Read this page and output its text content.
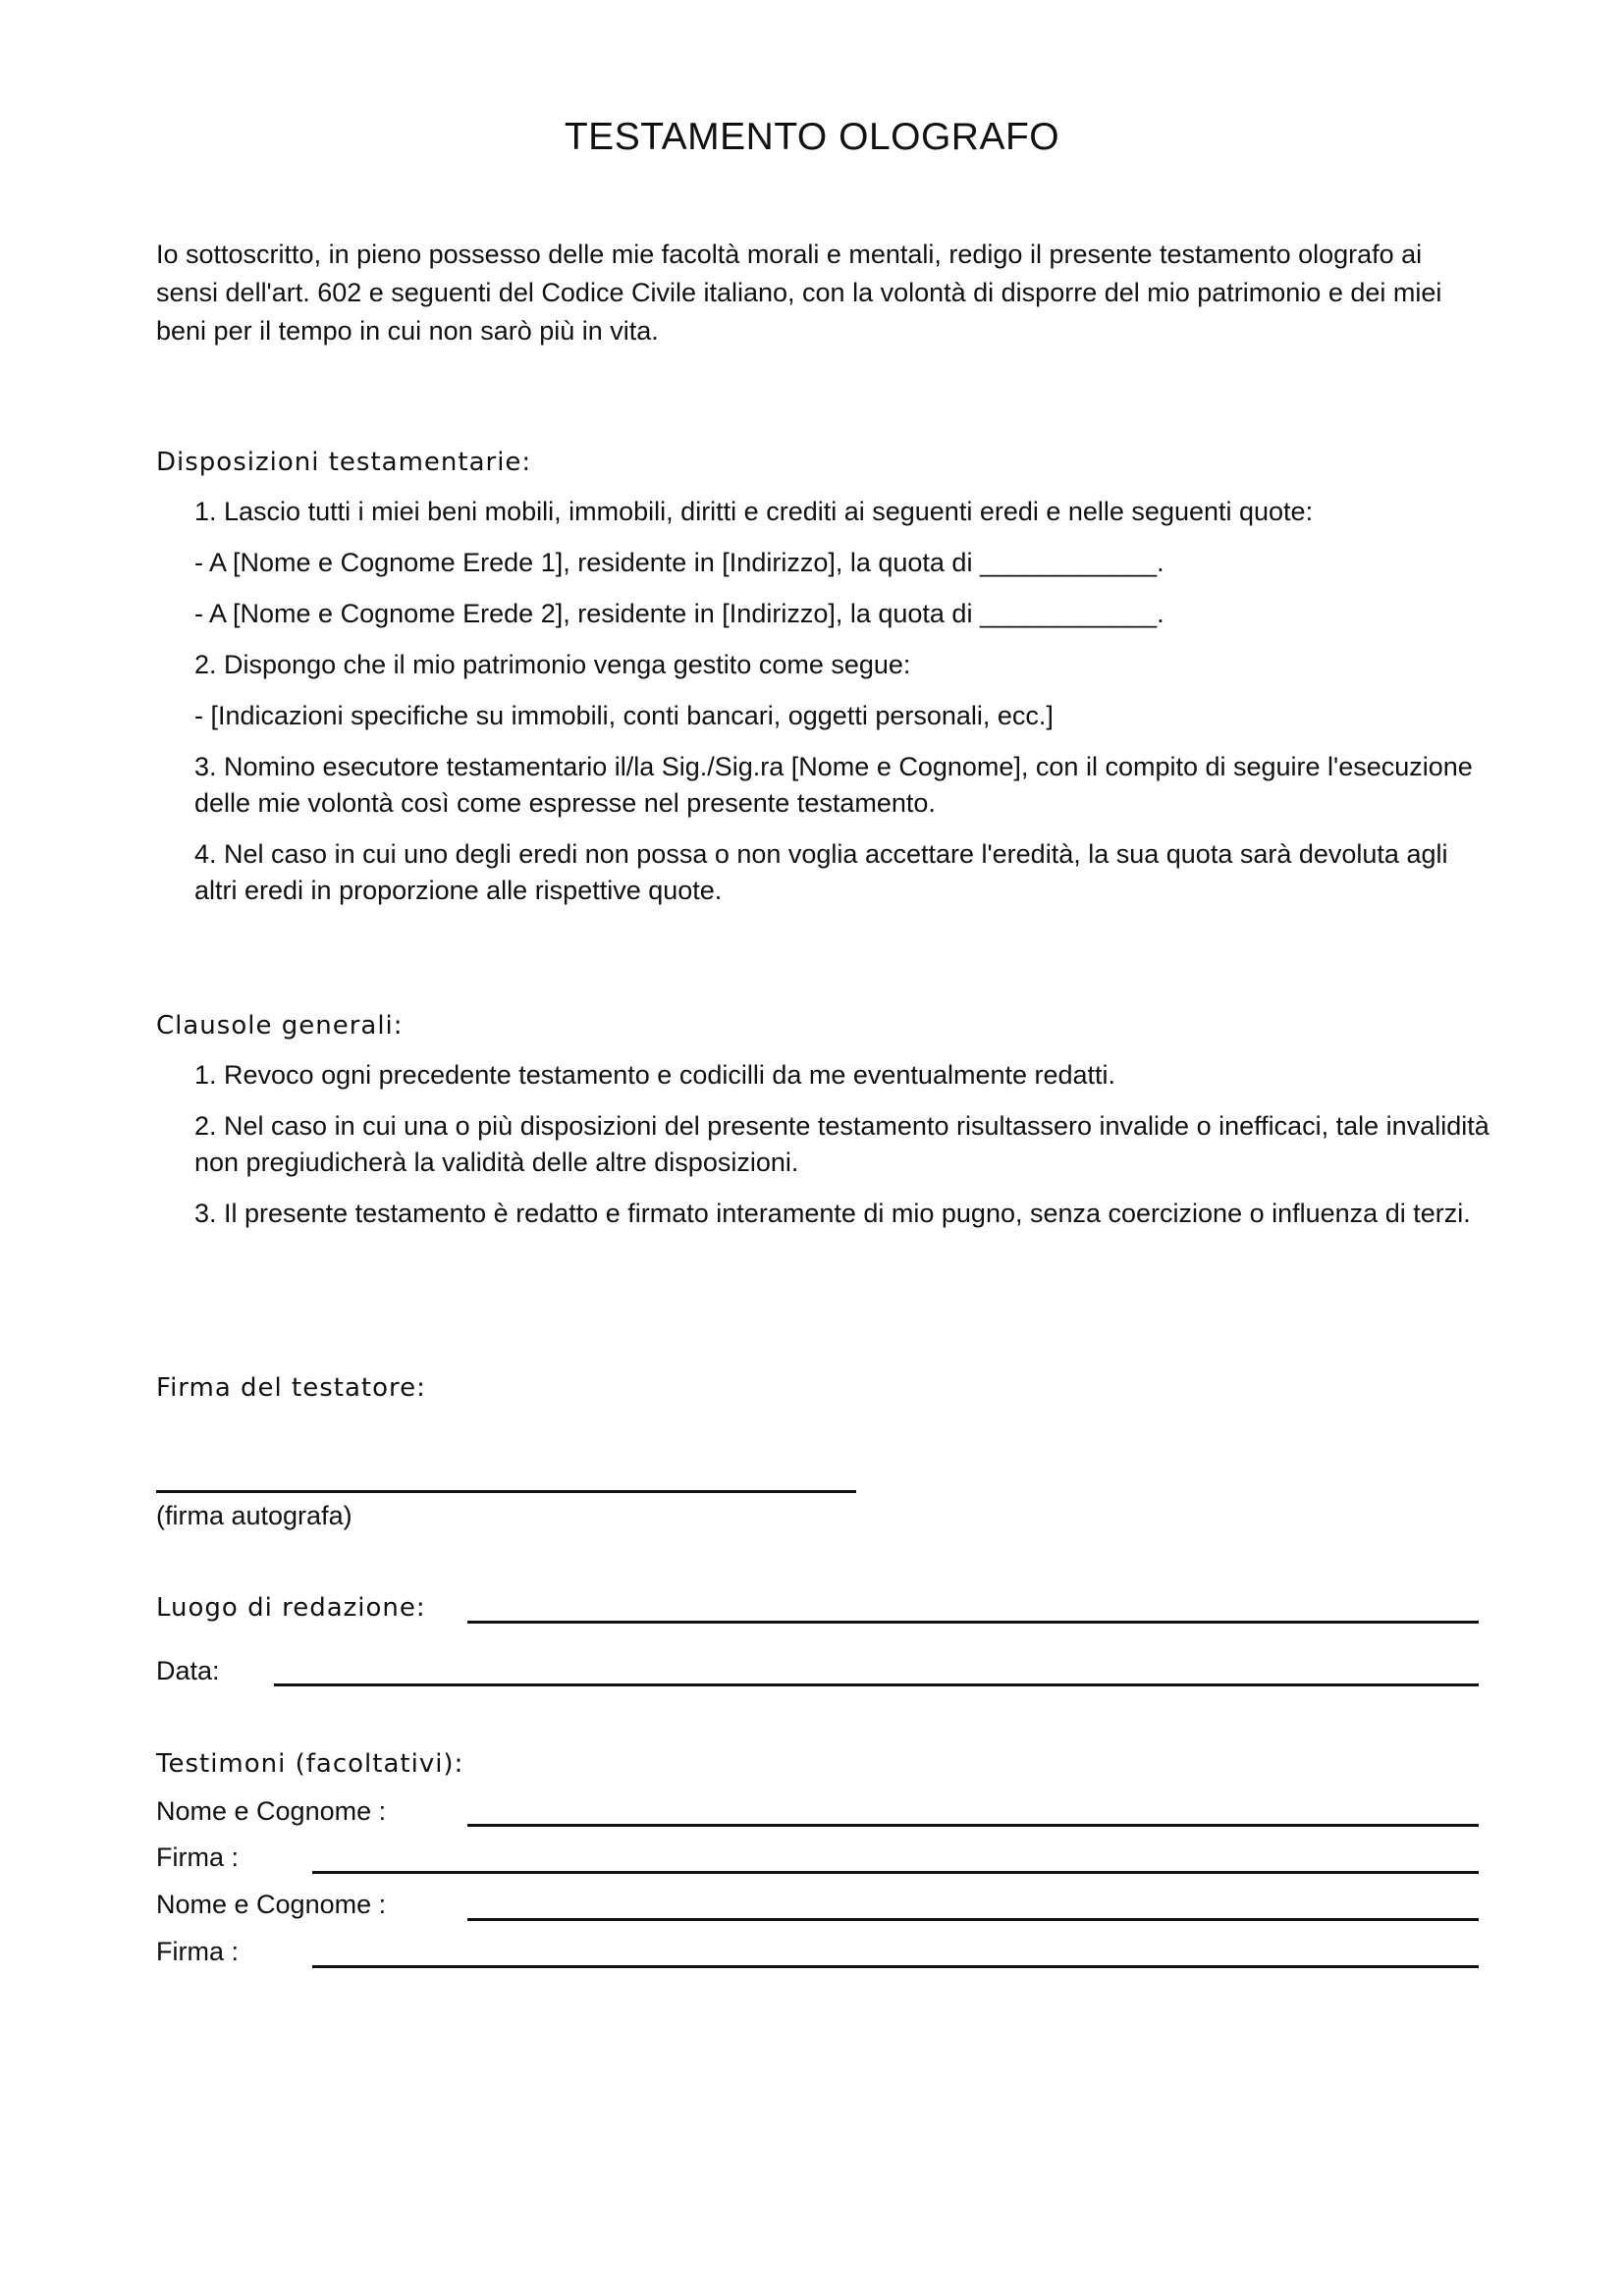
TESTAMENTO OLOGRAFO
Io sottoscritto, in pieno possesso delle mie facoltà morali e mentali, redigo il presente testamento olografo ai sensi dell'art. 602 e seguenti del Codice Civile italiano, con la volontà di disporre del mio patrimonio e dei miei beni per il tempo in cui non sarò più in vita.
Disposizioni testamentarie:
1. Lascio tutti i miei beni mobili, immobili, diritti e crediti ai seguenti eredi e nelle seguenti quote:
- A [Nome e Cognome Erede 1], residente in [Indirizzo], la quota di ____________.
- A [Nome e Cognome Erede 2], residente in [Indirizzo], la quota di ____________.
2. Dispongo che il mio patrimonio venga gestito come segue:
- [Indicazioni specifiche su immobili, conti bancari, oggetti personali, ecc.]
3. Nomino esecutore testamentario il/la Sig./Sig.ra [Nome e Cognome], con il compito di seguire l'esecuzione delle mie volontà così come espresse nel presente testamento.
4. Nel caso in cui uno degli eredi non possa o non voglia accettare l'eredità, la sua quota sarà devoluta agli altri eredi in proporzione alle rispettive quote.
Clausole generali:
1. Revoco ogni precedente testamento e codicilli da me eventualmente redatti.
2. Nel caso in cui una o più disposizioni del presente testamento risultassero invalide o inefficaci, tale invalidità non pregiudicherà la validità delle altre disposizioni.
3. Il presente testamento è redatto e firmato interamente di mio pugno, senza coercizione o influenza di terzi.
Firma del testatore:
(firma autografa)
Luogo di redazione:
Data:
Testimoni (facoltativi):
Nome e Cognome :
Firma :
Nome e Cognome :
Firma :
